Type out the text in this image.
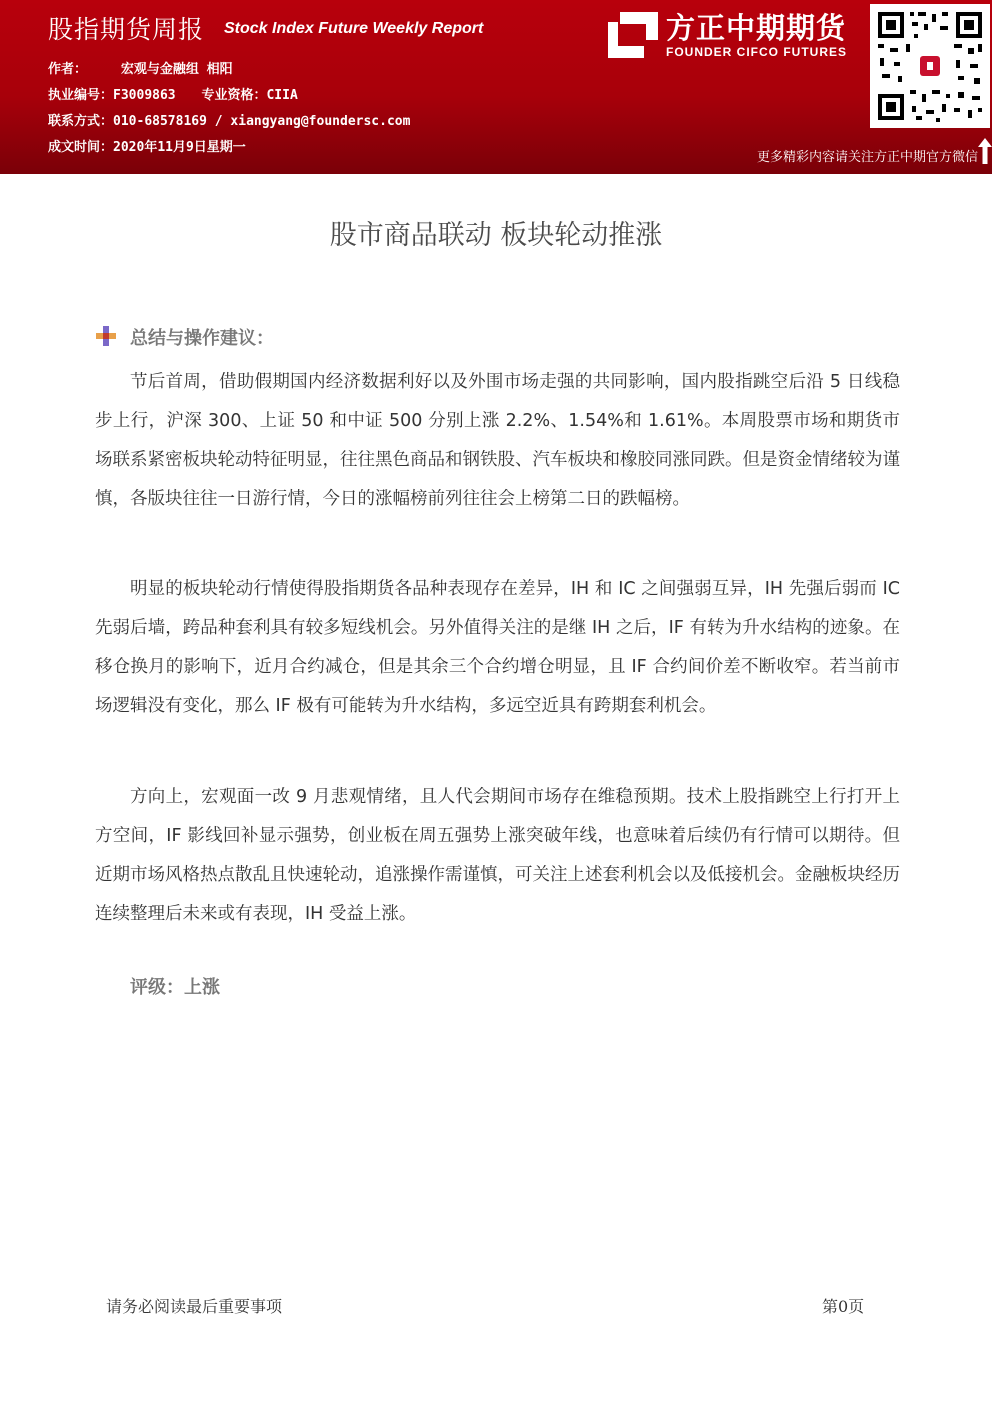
股指期货周报 Stock Index Future Weekly Report
作者：	宏观与金融组 相阳
执业编号：F3009863 专业资格：CIIA
联系方式：010-68578169 / xiangyang@foundersc.com
成文时间：2020年11月9日星期一
方正中期期货
FOUNDER CIFCO FUTURES
更多精彩内容请关注方正中期官方微信
股市商品联动 板块轮动推涨
总结与操作建议：

节后首周，借助假期国内经济数据利好以及外围市场走强的共同影响，国内股指跳空后沿 5 日线稳步上行，沪深 300、上证 50 和中证 500 分别上涨 2.2%、1.54%和 1.61%。本周股票市场和期货市场联系紧密板块轮动特征明显，往往黑色商品和钢铁股、汽车板块和橡胶同涨同跌。但是资金情绪较为谨慎，各版块往往一日游行情，今日的涨幅榜前列往往会上榜第二日的跌幅榜。

明显的板块轮动行情使得股指期货各品种表现存在差异，IH 和 IC 之间强弱互异，IH 先强后弱而 IC 先弱后墙，跨品种套利具有较多短线机会。另外值得关注的是继 IH 之后，IF 有转为升水结构的迹象。在移仓换月的影响下，近月合约减仓，但是其余三个合约增仓明显，且 IF 合约间价差不断收窄。若当前市场逻辑没有变化，那么 IF 极有可能转为升水结构，多远空近具有跨期套利机会。

方向上，宏观面一改 9 月悲观情绪，且人代会期间市场存在维稳预期。技术上股指跳空上行打开上方空间，IF 影线回补显示强势，创业板在周五强势上涨突破年线，也意味着后续仍有行情可以期待。但近期市场风格热点散乱且快速轮动，追涨操作需谨慎，可关注上述套利机会以及低接机会。金融板块经历连续整理后未来或有表现，IH 受益上涨。

评级：上涨
请务必阅读最后重要事项	第0页
